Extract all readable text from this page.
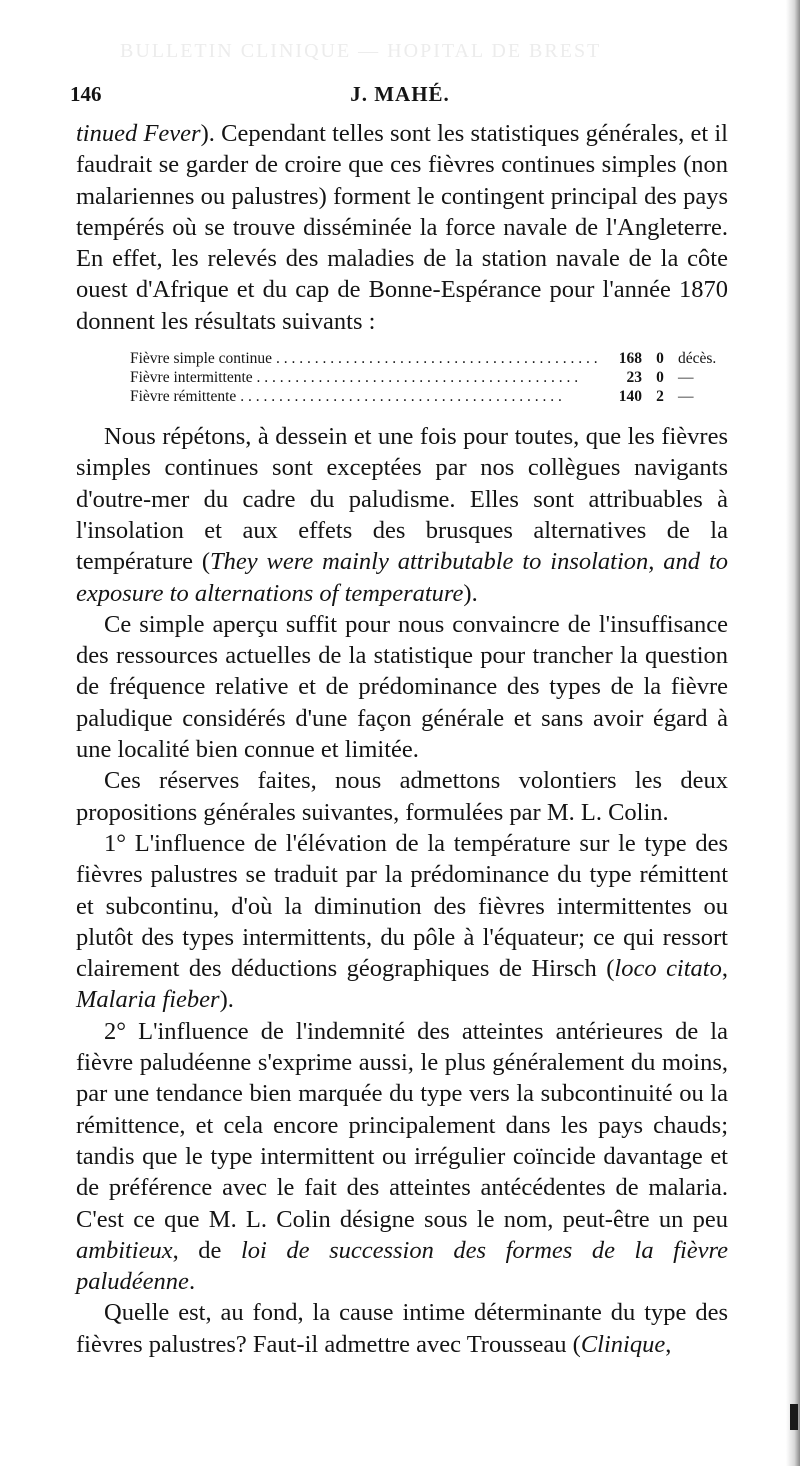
BULLETIN CLINIQUE — HOPITAL DE BREST
146	J. MAHÉ.

tinued Fever). Cependant telles sont les statistiques générales, et il faudrait se garder de croire que ces fièvres continues simples (non malariennes ou palustres) forment le contingent principal des pays tempérés où se trouve disséminée la force navale de l'Angleterre. En effet, les relevés des maladies de la station navale de la côte ouest d'Afrique et du cap de Bonne-Espérance pour l'année 1870 donnent les résultats suivants :

Fièvre simple continue . . .	168 0 décès.
Fièvre intermittente . . .	23 0 —
Fièvre rémittente . . .	140 2 —

Nous répétons, à dessein et une fois pour toutes, que les fièvres simples continues sont exceptées par nos collègues navigants d'outre-mer du cadre du paludisme. Elles sont attribuables à l'insolation et aux effets des brusques alternatives de la température (They were mainly attributable to insolation, and to exposure to alternations of temperature).

Ce simple aperçu suffit pour nous convaincre de l'insuffisance des ressources actuelles de la statistique pour trancher la question de fréquence relative et de prédominance des types de la fièvre paludique considérés d'une façon générale et sans avoir égard à une localité bien connue et limitée.

Ces réserves faites, nous admettons volontiers les deux propositions générales suivantes, formulées par M. L. Colin.

1° L'influence de l'élévation de la température sur le type des fièvres palustres se traduit par la prédominance du type rémittent et subcontinu, d'où la diminution des fièvres intermittentes ou plutôt des types intermittents, du pôle à l'équateur; ce qui ressort clairement des déductions géographiques de Hirsch (loco citato, Malaria fieber).

2° L'influence de l'indemnité des atteintes antérieures de la fièvre paludéenne s'exprime aussi, le plus généralement du moins, par une tendance bien marquée du type vers la subcontinuité ou la rémittence, et cela encore principalement dans les pays chauds; tandis que le type intermittent ou irrégulier coïncide davantage et de préférence avec le fait des atteintes antécédentes de malaria. C'est ce que M. L. Colin désigne sous le nom, peut-être un peu ambitieux, de loi de succession des formes de la fièvre paludéenne.

Quelle est, au fond, la cause intime déterminante du type des fièvres palustres? Faut-il admettre avec Trousseau (Clinique,
